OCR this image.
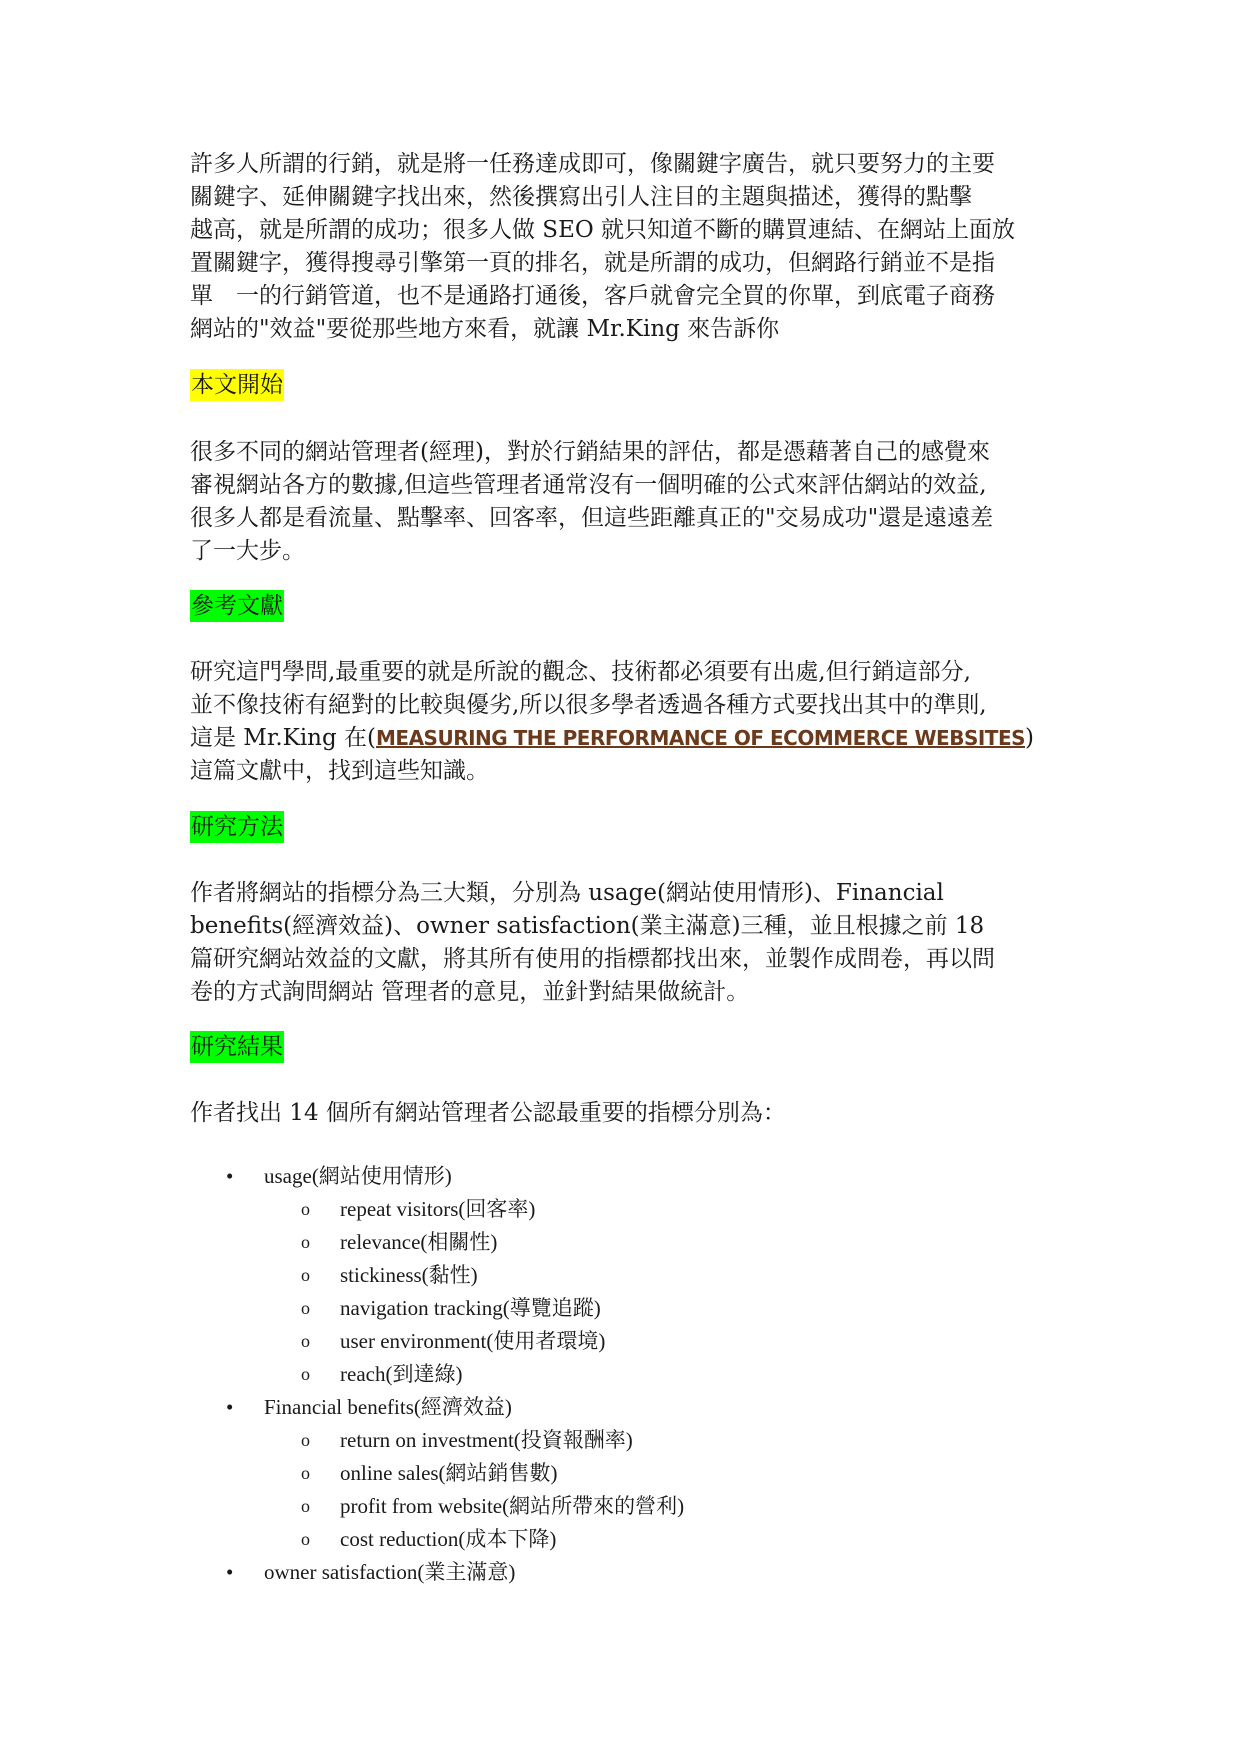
許多人所謂的行銷，就是將一任務達成即可，像關鍵字廣告，就只要努力的主要

關鍵字、延伸關鍵字找出來，然後撰寫出引人注目的主題與描述，獲得的點擊

越高，就是所謂的成功；很多人做 SEO 就只知道不斷的購買連結、在網站上面放

置關鍵字，獲得搜尋引擎第一頁的排名，就是所謂的成功，但網路行銷並不是指

單　一的行銷管道，也不是通路打通後，客戶就會完全買的你單，到底電子商務

網站的"效益"要從那些地方來看，就讓 Mr.King 來告訴你

本文開始

很多不同的網站管理者(經理)，對於行銷結果的評估，都是憑藉著自己的感覺來

審視網站各方的數據,但這些管理者通常沒有一個明確的公式來評估網站的效益,

很多人都是看流量、點擊率、回客率，但這些距離真正的"交易成功"還是遠遠差

了一大步。

參考文獻

研究這門學問,最重要的就是所說的觀念、技術都必須要有出處,但行銷這部分,

並不像技術有絕對的比較與優劣,所以很多學者透過各種方式要找出其中的準則,

這是 Mr.King 在(MEASURING THE PERFORMANCE OF ECOMMERCE WEBSITES)

這篇文獻中，找到這些知識。

研究方法

作者將網站的指標分為三大類，分別為 usage(網站使用情形)、Financial

benefits(經濟效益)、owner satisfaction(業主滿意)三種，並且根據之前 18

篇研究網站效益的文獻，將其所有使用的指標都找出來，並製作成問卷，再以問

卷的方式詢問網站 管理者的意見，並針對結果做統計。

研究結果

作者找出 14 個所有網站管理者公認最重要的指標分別為：

• usage(網站使用情形)
o repeat visitors(回客率)
o relevance(相關性)
o stickiness(黏性)
o navigation tracking(導覽追蹤)
o user environment(使用者環境)
o reach(到達綠)
• Financial benefits(經濟效益)
o return on investment(投資報酬率)
o online sales(網站銷售數)
o profit from website(網站所帶來的營利)
o cost reduction(成本下降)
• owner satisfaction(業主滿意)
